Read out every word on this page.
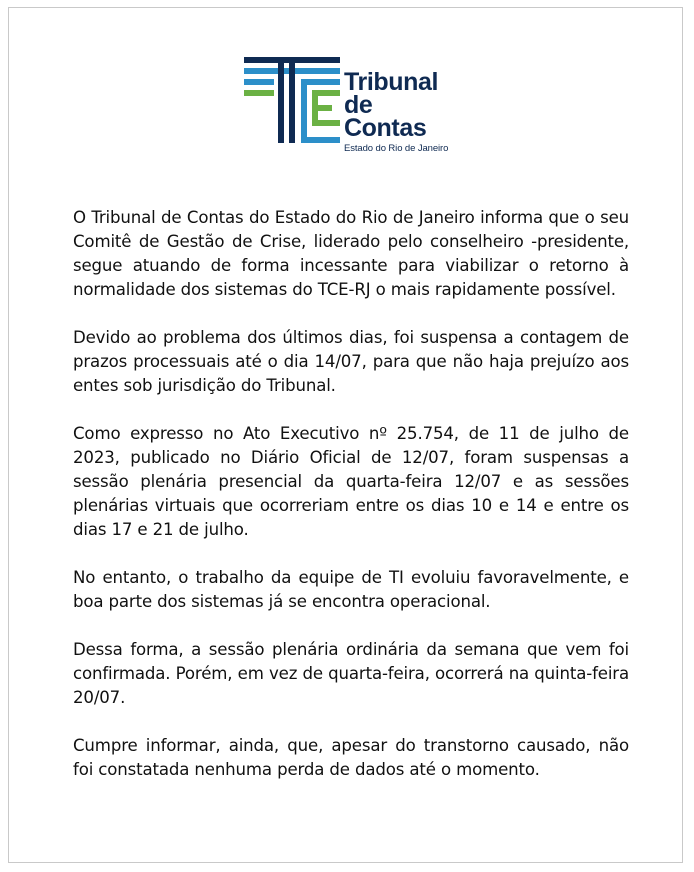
Tribunal
de Contas
Estado do Rio de Janeiro

O Tribunal de Contas do Estado do Rio de Janeiro informa que o seu Comitê de Gestão de Crise, liderado pelo conselheiro -presidente, segue atuando de forma incessante para viabilizar o retorno à normalidade dos sistemas do TCE-RJ o mais rapidamente possível.

Devido ao problema dos últimos dias, foi suspensa a contagem de prazos processuais até o dia 14/07, para que não haja prejuízo aos entes sob jurisdição do Tribunal.

Como expresso no Ato Executivo nº 25.754, de 11 de julho de 2023, publicado no Diário Oficial de 12/07, foram suspensas a sessão plenária presencial da quarta-feira 12/07 e as sessões plenárias virtuais que ocorreriam entre os dias 10 e 14 e entre os dias 17 e 21 de julho.

No entanto, o trabalho da equipe de TI evoluiu favoravelmente, e boa parte dos sistemas já se encontra operacional.

Dessa forma, a sessão plenária ordinária da semana que vem foi confirmada. Porém, em vez de quarta-feira, ocorrerá na quinta-feira 20/07.

Cumpre informar, ainda, que, apesar do transtorno causado, não foi constatada nenhuma perda de dados até o momento.
